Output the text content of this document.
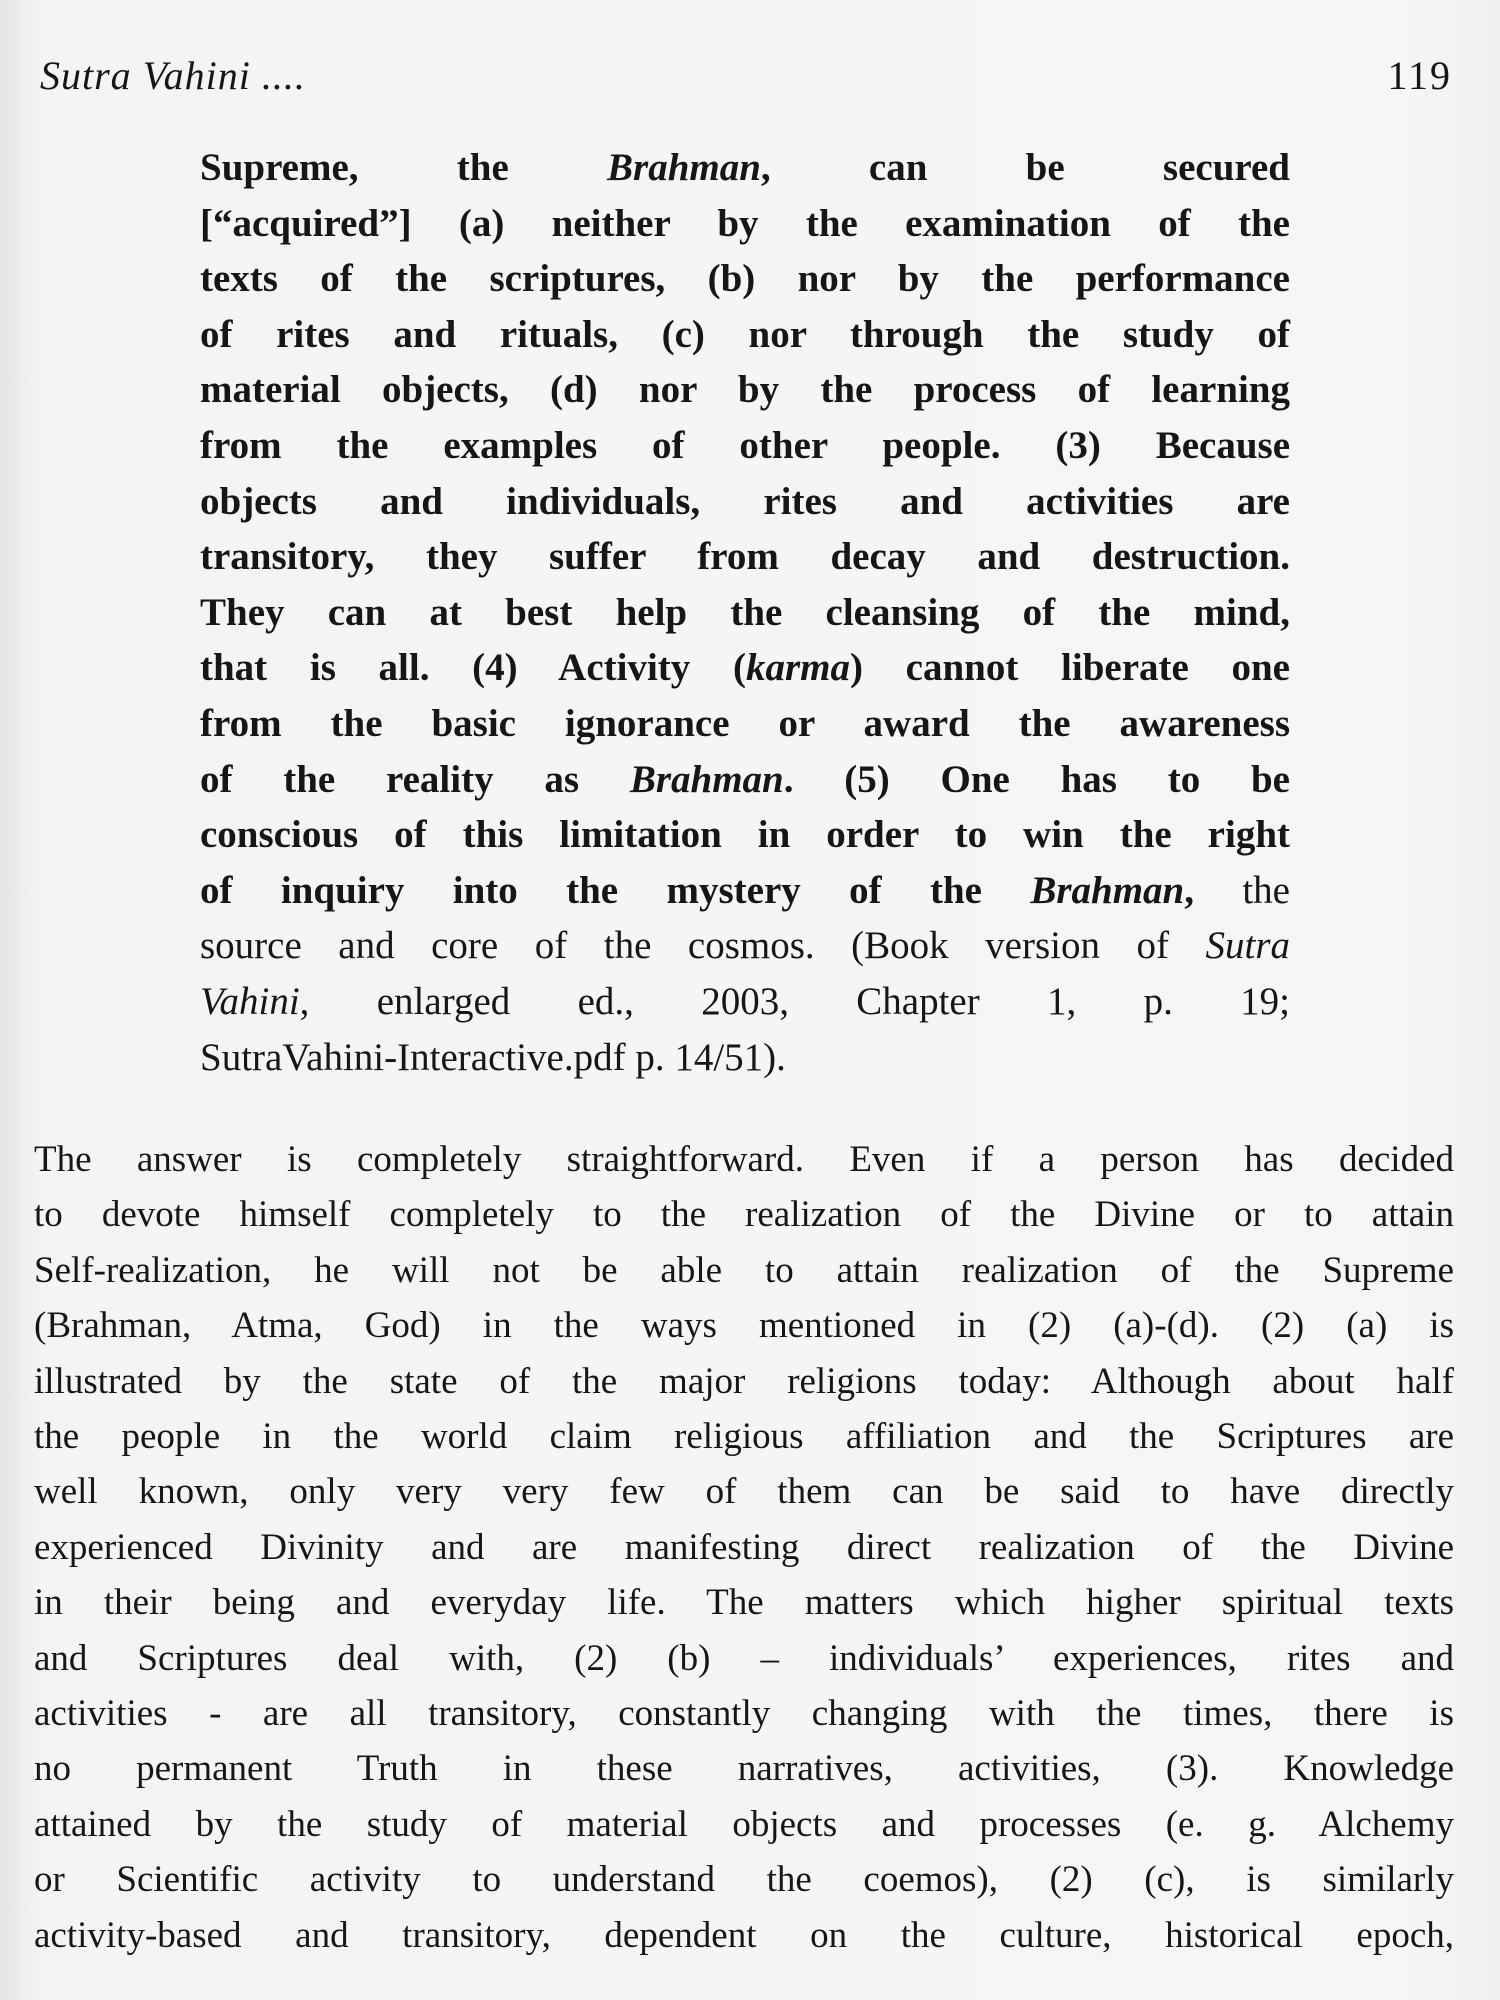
Sutra Vahini ....	119
Supreme, the Brahman, can be secured
[“acquired”] (a) neither by the examination of the
texts of the scriptures, (b) nor by the performance
of rites and rituals, (c) nor through the study of
material objects, (d) nor by the process of learning
from the examples of other people. (3) Because
objects and individuals, rites and activities are
transitory, they suffer from decay and destruction.
They can at best help the cleansing of the mind,
that is all. (4) Activity (karma) cannot liberate one
from the basic ignorance or award the awareness
of the reality as Brahman. (5) One has to be
conscious of this limitation in order to win the right
of inquiry into the mystery of the Brahman, the
source and core of the cosmos. (Book version of Sutra
Vahini, enlarged ed., 2003, Chapter 1, p. 19;
SutraVahini-Interactive.pdf p. 14/51).
The answer is completely straightforward. Even if a person has decided
to devote himself completely to the realization of the Divine or to attain
Self-realization, he will not be able to attain realization of the Supreme
(Brahman, Atma, God) in the ways mentioned in (2) (a)-(d). (2) (a) is
illustrated by the state of the major religions today: Although about half
the people in the world claim religious affiliation and the Scriptures are
well known, only very very few of them can be said to have directly
experienced Divinity and are manifesting direct realization of the Divine
in their being and everyday life. The matters which higher spiritual texts
and Scriptures deal with, (2) (b) – individuals’ experiences, rites and
activities - are all transitory, constantly changing with the times, there is
no permanent Truth in these narratives, activities, (3). Knowledge
attained by the study of material objects and processes (e. g. Alchemy
or Scientific activity to understand the coemos), (2) (c), is similarly
activity-based and transitory, dependent on the culture, historical epoch,
